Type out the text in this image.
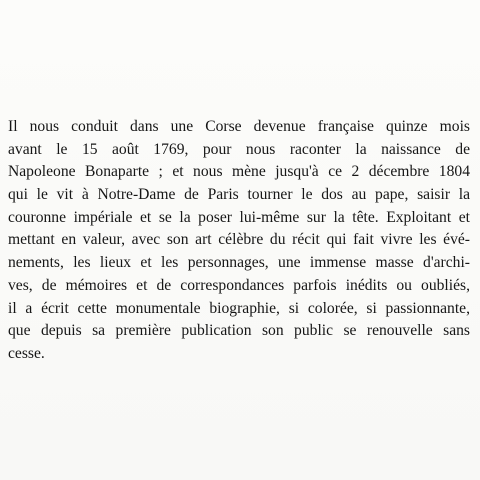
Il nous conduit dans une Corse devenue française quinze mois
avant le 15 août 1769, pour nous raconter la naissance de
Napoleone Bonaparte ; et nous mène jusqu'à ce 2 décembre 1804
qui le vit à Notre-Dame de Paris tourner le dos au pape, saisir la
couronne impériale et se la poser lui-même sur la tête. Exploitant et
mettant en valeur, avec son art célèbre du récit qui fait vivre les évé-
nements, les lieux et les personnages, une immense masse d'archi-
ves, de mémoires et de correspondances parfois inédits ou oubliés,
il a écrit cette monumentale biographie, si colorée, si passionnante,
que depuis sa première publication son public se renouvelle sans
cesse.
